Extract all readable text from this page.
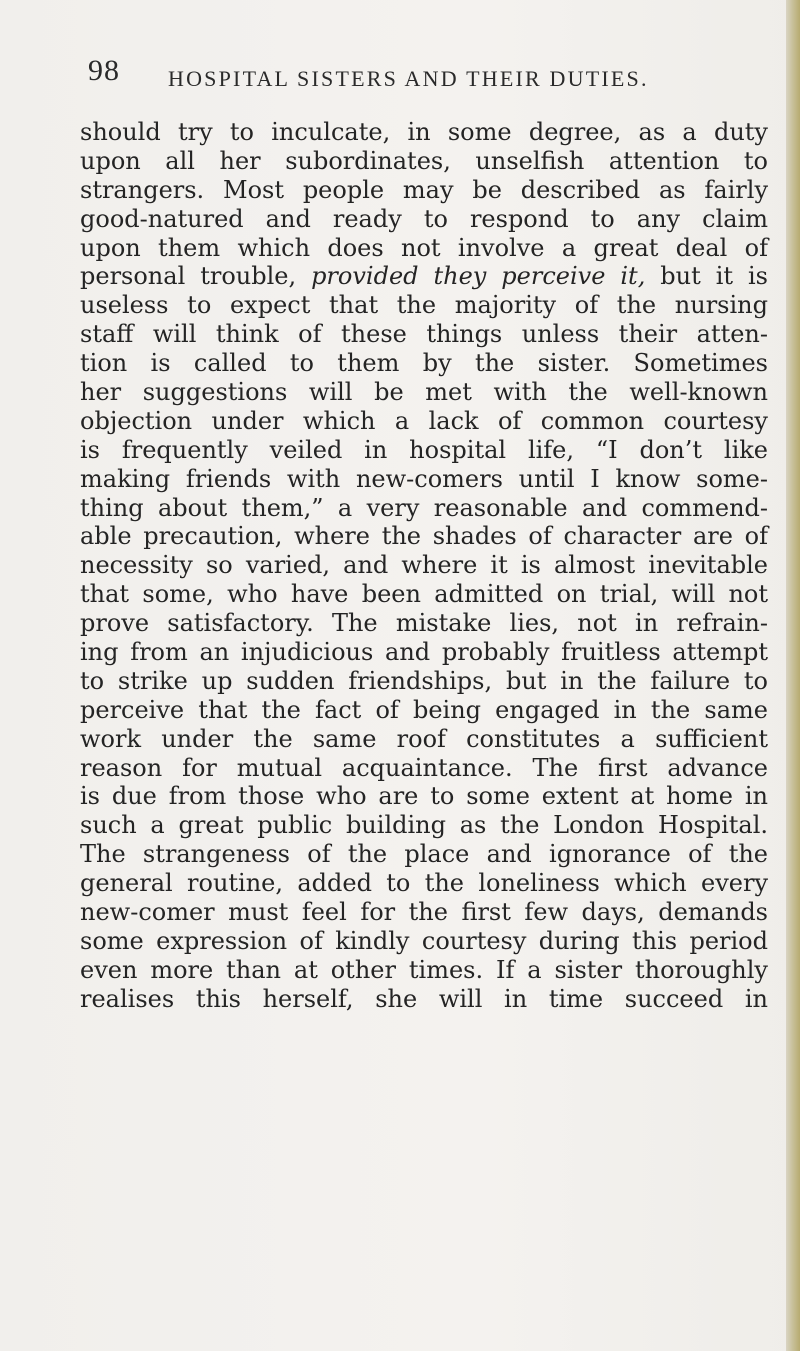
98 HOSPITAL SISTERS AND THEIR DUTIES.
should try to inculcate, in some degree, as a duty
upon all her subordinates, unselfish attention to
strangers. Most people may be described as fairly
good-natured and ready to respond to any claim
upon them which does not involve a great deal of
personal trouble, provided they perceive it, but it is
useless to expect that the majority of the nursing
staff will think of these things unless their atten-
tion is called to them by the sister. Sometimes
her suggestions will be met with the well-known
objection under which a lack of common courtesy
is frequently veiled in hospital life, “I don’t like
making friends with new-comers until I know some-
thing about them,” a very reasonable and commend-
able precaution, where the shades of character are of
necessity so varied, and where it is almost inevitable
that some, who have been admitted on trial, will not
prove satisfactory. The mistake lies, not in refrain-
ing from an injudicious and probably fruitless attempt
to strike up sudden friendships, but in the failure to
perceive that the fact of being engaged in the same
work under the same roof constitutes a sufficient
reason for mutual acquaintance. The first advance
is due from those who are to some extent at home in
such a great public building as the London Hospital.
The strangeness of the place and ignorance of the
general routine, added to the loneliness which every
new-comer must feel for the first few days, demands
some expression of kindly courtesy during this period
even more than at other times. If a sister thoroughly
realises this herself, she will in time succeed in
